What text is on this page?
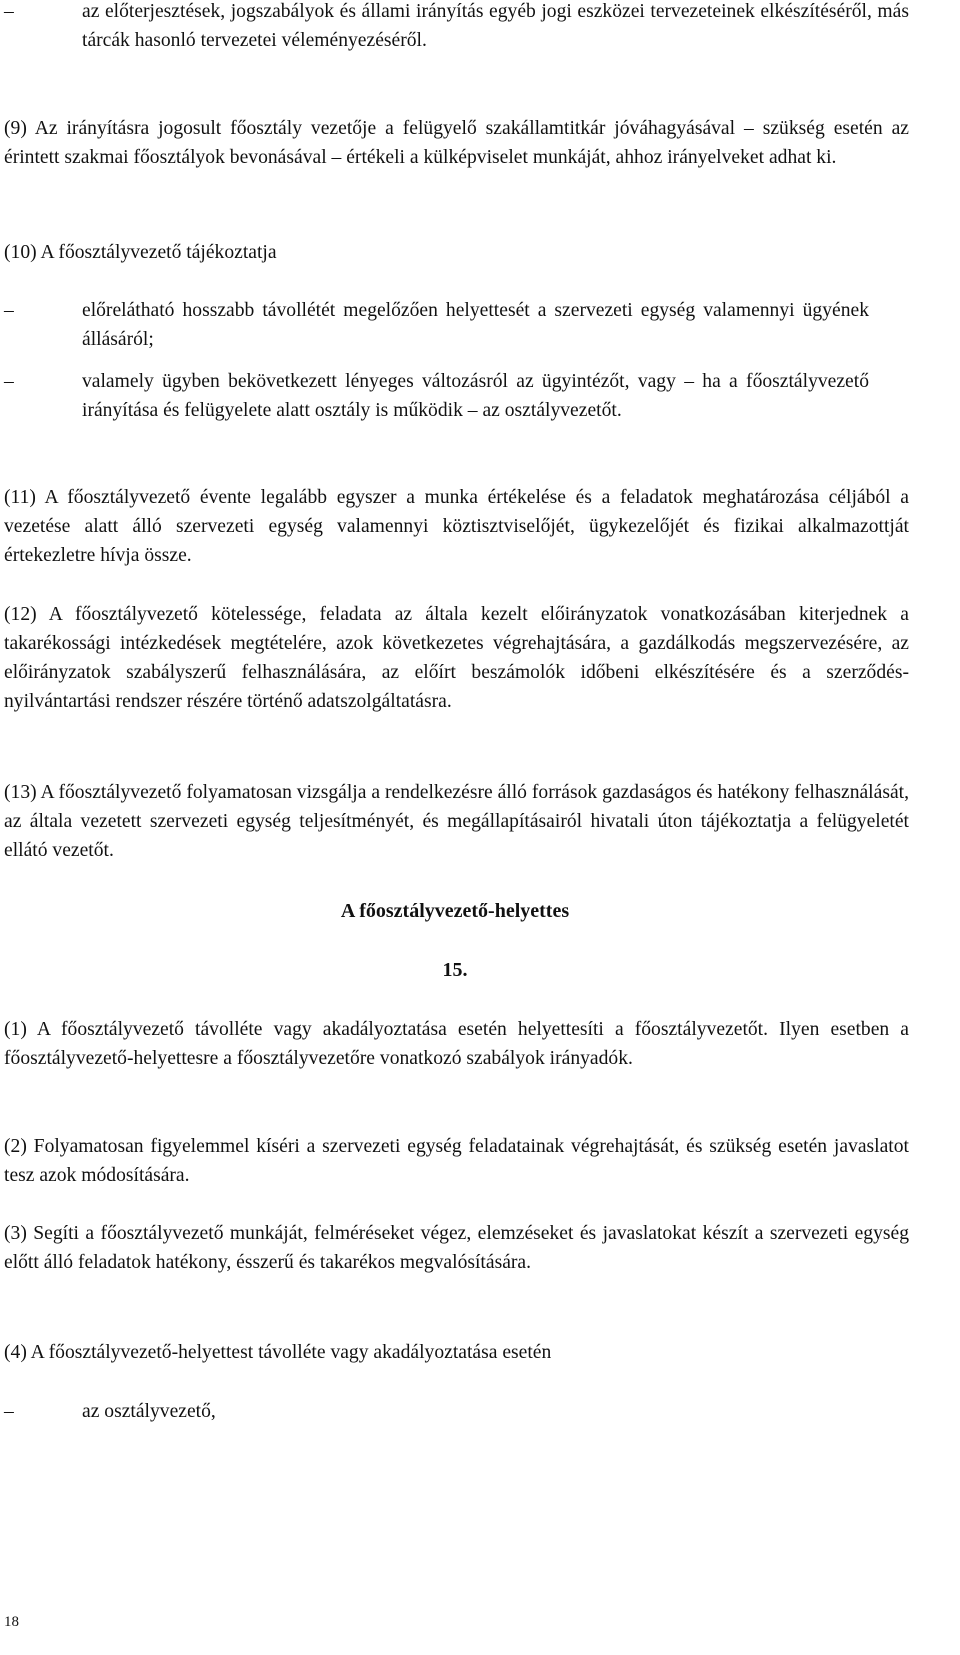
–	az előterjesztések, jogszabályok és állami irányítás egyéb jogi eszközei tervezeteinek elkészítéséről, más tárcák hasonló tervezetei véleményezéséről.
(9) Az irányításra jogosult főosztály vezetője a felügyelő szakállamtitkár jóváhagyásával – szükség esetén az érintett szakmai főosztályok bevonásával – értékeli a külképviselet munkáját, ahhoz irányelveket adhat ki.
(10) A főosztályvezető tájékoztatja
–	előrelátható hosszabb távollétét megelőzően helyettesét a szervezeti egység valamennyi ügyének állásáról;
–	valamely ügyben bekövetkezett lényeges változásról az ügyintézőt, vagy – ha a főosztályvezető irányítása és felügyelete alatt osztály is működik – az osztályvezetőt.
(11) A főosztályvezető évente legalább egyszer a munka értékelése és a feladatok meghatározása céljából a vezetése alatt álló szervezeti egység valamennyi köztisztviselőjét, ügykezelőjét és fizikai alkalmazottját értekezletre hívja össze.
(12) A főosztályvezető kötelessége, feladata az általa kezelt előirányzatok vonatkozásában kiterjednek a takarékossági intézkedések megtételére, azok következetes végrehajtására, a gazdálkodás megszervezésére, az előirányzatok szabályszerű felhasználására, az előírt beszámolók időbeni elkészítésére és a szerződés-nyilvántartási rendszer részére történő adatszolgáltatásra.
(13) A főosztályvezető folyamatosan vizsgálja a rendelkezésre álló források gazdaságos és hatékony felhasználását, az általa vezetett szervezeti egység teljesítményét, és megállapításairól hivatali úton tájékoztatja a felügyeletét ellátó vezetőt.
A főosztályvezető-helyettes
15.
(1) A főosztályvezető távolléte vagy akadályoztatása esetén helyettesíti a főosztályvezetőt. Ilyen esetben a főosztályvezető-helyettesre a főosztályvezetőre vonatkozó szabályok irányadók.
(2) Folyamatosan figyelemmel kíséri a szervezeti egység feladatainak végrehajtását, és szükség esetén javaslatot tesz azok módosítására.
(3) Segíti a főosztályvezető munkáját, felméréseket végez, elemzéseket és javaslatokat készít a szervezeti egység előtt álló feladatok hatékony, ésszerű és takarékos megvalósítására.
(4) A főosztályvezető-helyettest távolléte vagy akadályoztatása esetén
–	az osztályvezető,
18
